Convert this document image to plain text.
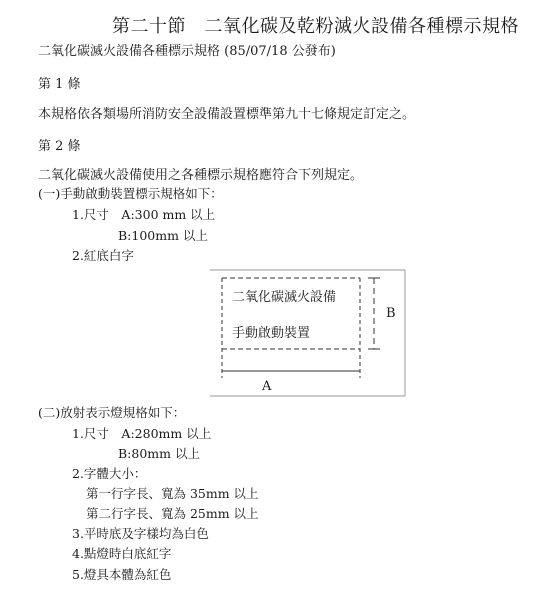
第二十節　二氧化碳及乾粉滅火設備各種標示規格
二氧化碳滅火設備各種標示規格 (85/07/18 公發布)
第 1 條
本規格依各類場所消防安全設備設置標準第九十七條規定訂定之。
第 2 條
二氧化碳滅火設備使用之各種標示規格應符合下列規定。
(一)手動啟動裝置標示規格如下：
1.尺寸　A:300 mm 以上
B:100mm 以上
2.紅底白字
二氧化碳滅火設備
手動啟動裝置
B
A
(二)放射表示燈規格如下：
1.尺寸　A:280mm 以上
B:80mm 以上
2.字體大小：
第一行字長、寬為 35mm 以上
第二行字長、寬為 25mm 以上
3.平時底及字樣均為白色
4.點燈時白底紅字
5.燈具本體為紅色
